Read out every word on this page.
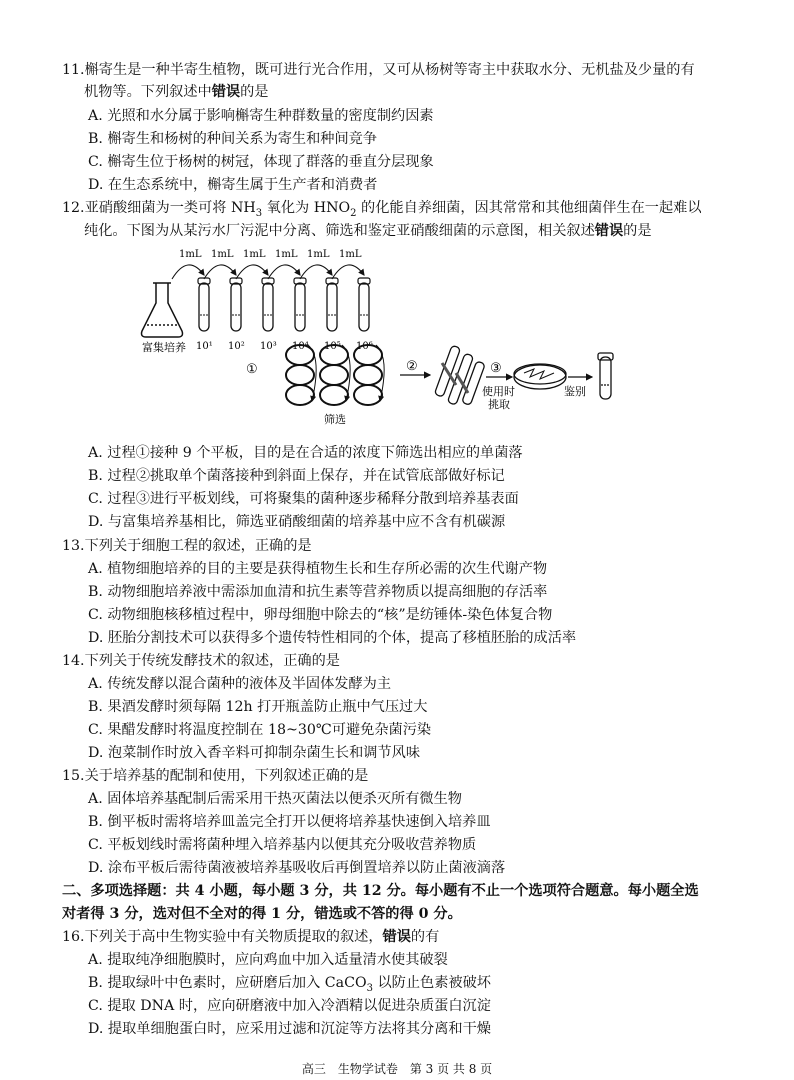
11.槲寄生是一种半寄生植物，既可进行光合作用，又可从杨树等寄主中获取水分、无机盐及少量的有
机物等。下列叙述中错误的是
A. 光照和水分属于影响槲寄生种群数量的密度制约因素
B. 槲寄生和杨树的种间关系为寄生和种间竞争
C. 槲寄生位于杨树的树冠，体现了群落的垂直分层现象
D. 在生态系统中，槲寄生属于生产者和消费者
12.亚硝酸细菌为一类可将 $NH_3$ 氧化为 $HNO_2$ 的化能自养细菌，因其常常和其他细菌伴生在一起难以
纯化。下图为从某污水厂污泥中分离、筛选和鉴定亚硝酸细菌的示意图，相关叙述错误的是
富集培养 10¹ 10² 10³ 10⁴ 10⁵ 10⁶
1mL 1mL 1mL 1mL 1mL 1mL
①
筛选
②	③
使用时
挑取
鉴别
A. 过程①接种 9 个平板，目的是在合适的浓度下筛选出相应的单菌落
B. 过程②挑取单个菌落接种到斜面上保存，并在试管底部做好标记
C. 过程③进行平板划线，可将聚集的菌种逐步稀释分散到培养基表面
D. 与富集培养基相比，筛选亚硝酸细菌的培养基中应不含有机碳源
13.下列关于细胞工程的叙述，正确的是
A. 植物细胞培养的目的主要是获得植物生长和生存所必需的次生代谢产物
B. 动物细胞培养液中需添加血清和抗生素等营养物质以提高细胞的存活率
C. 动物细胞核移植过程中，卵母细胞中除去的“核”是纺锤体-染色体复合物
D. 胚胎分割技术可以获得多个遗传特性相同的个体，提高了移植胚胎的成活率
14.下列关于传统发酵技术的叙述，正确的是
A. 传统发酵以混合菌种的液体及半固体发酵为主
B. 果酒发酵时须每隔 12h 打开瓶盖防止瓶中气压过大
C. 果醋发酵时将温度控制在 18~30℃可避免杂菌污染
D. 泡菜制作时放入香辛料可抑制杂菌生长和调节风味
15.关于培养基的配制和使用，下列叙述正确的是
A. 固体培养基配制后需采用干热灭菌法以便杀灭所有微生物
B. 倒平板时需将培养皿盖完全打开以便将培养基快速倒入培养皿
C. 平板划线时需将菌种埋入培养基内以便其充分吸收营养物质
D. 涂布平板后需待菌液被培养基吸收后再倒置培养以防止菌液滴落
二、多项选择题：共 4 小题，每小题 3 分，共 12 分。每小题有不止一个选项符合题意。每小题全选
对者得 3 分，选对但不全对的得 1 分，错选或不答的得 0 分。
16.下列关于高中生物实验中有关物质提取的叙述，错误的有
A. 提取纯净细胞膜时，应向鸡血中加入适量清水使其破裂
B. 提取绿叶中色素时，应研磨后加入 CaCO$_3$ 以防止色素被破坏
C. 提取 DNA 时，应向研磨液中加入冷酒精以促进杂质蛋白沉淀
D. 提取单细胞蛋白时，应采用过滤和沉淀等方法将其分离和干燥
高三　生物学试卷　第 3 页 共 8 页
